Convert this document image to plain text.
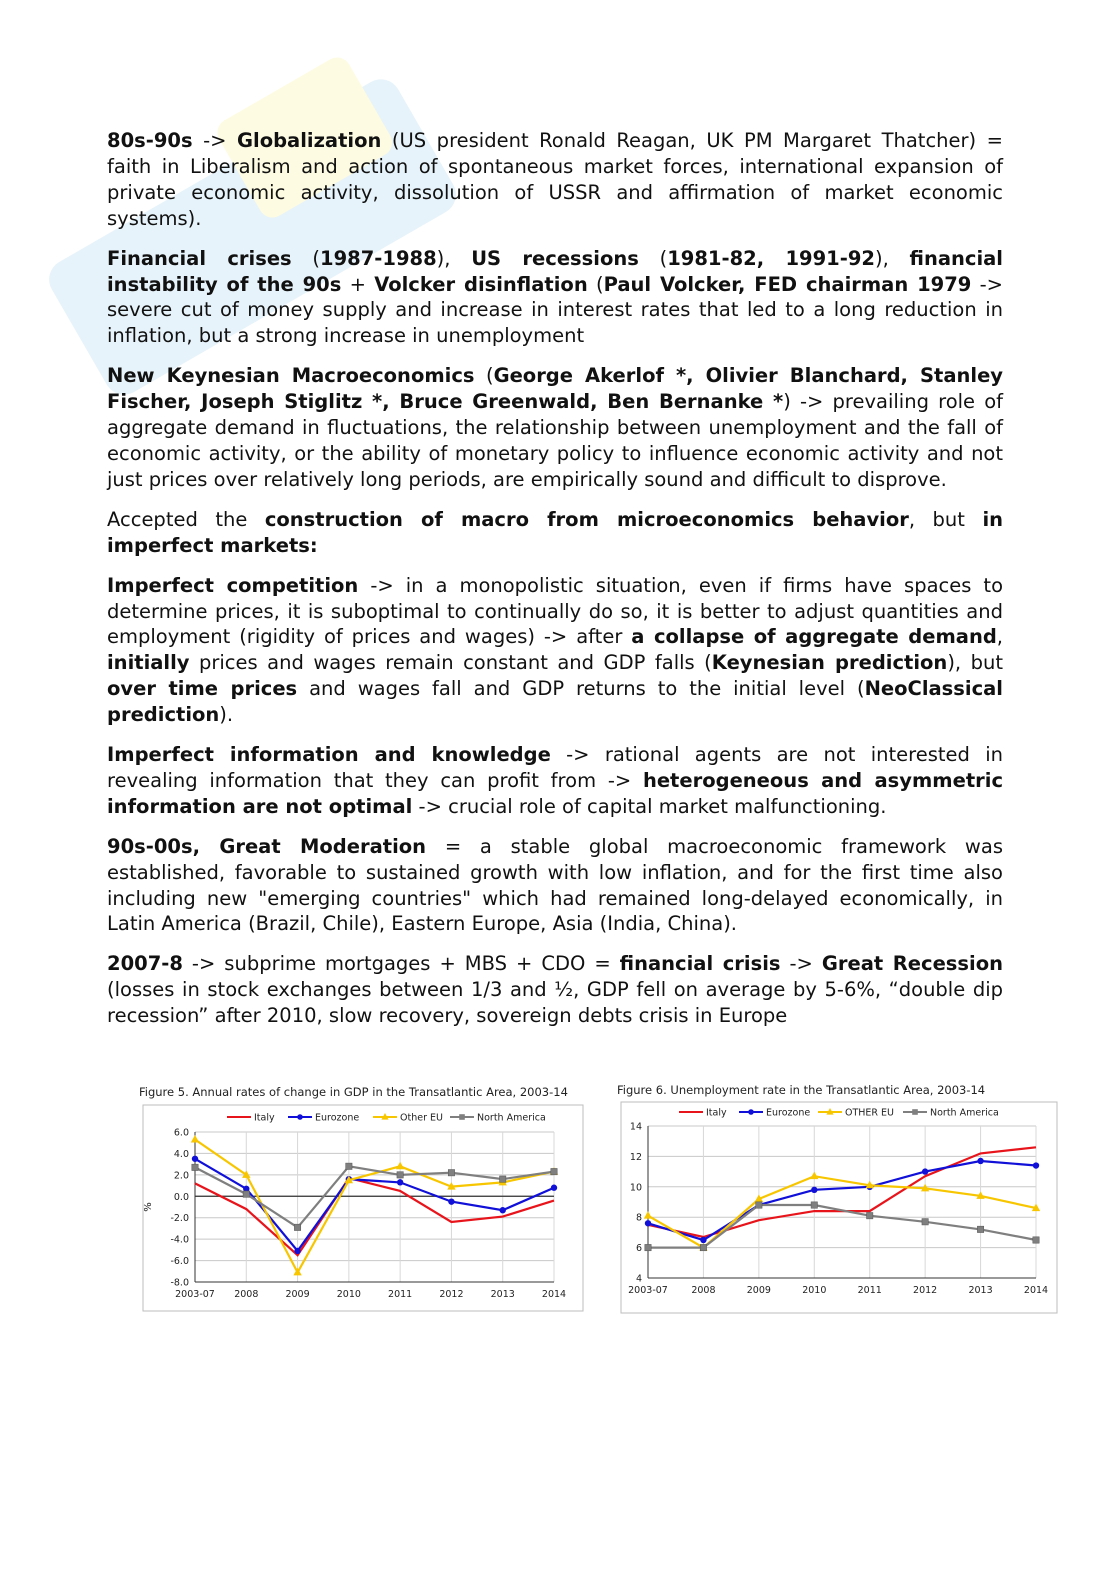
80s-90s -> Globalization (US president Ronald Reagan, UK PM Margaret Thatcher) = faith in Liberalism and action of spontaneous market forces, international expansion of private economic activity, dissolution of USSR and affirmation of market economic systems).

Financial crises (1987-1988), US recessions (1981-82, 1991-92), financial instability of the 90s + Volcker disinflation (Paul Volcker, FED chairman 1979 -> severe cut of money supply and increase in interest rates that led to a long reduction in inflation, but a strong increase in unemployment

New Keynesian Macroeconomics (George Akerlof *, Olivier Blanchard, Stanley Fischer, Joseph Stiglitz *, Bruce Greenwald, Ben Bernanke *) -> prevailing role of aggregate demand in fluctuations, the relationship between unemployment and the fall of economic activity, or the ability of monetary policy to influence economic activity and not just prices over relatively long periods, are empirically sound and difficult to disprove.

Accepted the construction of macro from microeconomics behavior, but in imperfect markets:

Imperfect competition -> in a monopolistic situation, even if firms have spaces to determine prices, it is suboptimal to continually do so, it is better to adjust quantities and employment (rigidity of prices and wages) -> after a collapse of aggregate demand, initially prices and wages remain constant and GDP falls (Keynesian prediction), but over time prices and wages fall and GDP returns to the initial level (NeoClassical prediction).

Imperfect information and knowledge -> rational agents are not interested in revealing information that they can profit from -> heterogeneous and asymmetric information are not optimal -> crucial role of capital market malfunctioning.

90s-00s, Great Moderation = a stable global macroeconomic framework was established, favorable to sustained growth with low inflation, and for the first time also including new "emerging countries" which had remained long-delayed economically, in Latin America (Brazil, Chile), Eastern Europe, Asia (India, China).

2007-8 -> subprime mortgages + MBS + CDO = financial crisis -> Great Recession (losses in stock exchanges between 1/3 and ½, GDP fell on average by 5-6%, “double dip recession” after 2010, slow recovery, sovereign debts crisis in Europe

Figure 5. Annual rates of change in GDP in the Transatlantic Area, 2003-14
6.0
4.0
2.0
0.0
-2.0
-4.0
-6.0
-8.0
2003-07 2008	2009	2010	2011	2012	2013	2014
%
Italy	Eurozone	Other EU	North America
Figure 6. Unemployment rate in the Transatlantic Area, 2003-14
14
12
10
8
6
4
2003-07 2008	2009	2010	2011	2012	2013	2014
Italy	Eurozone	OTHER EU	North America
